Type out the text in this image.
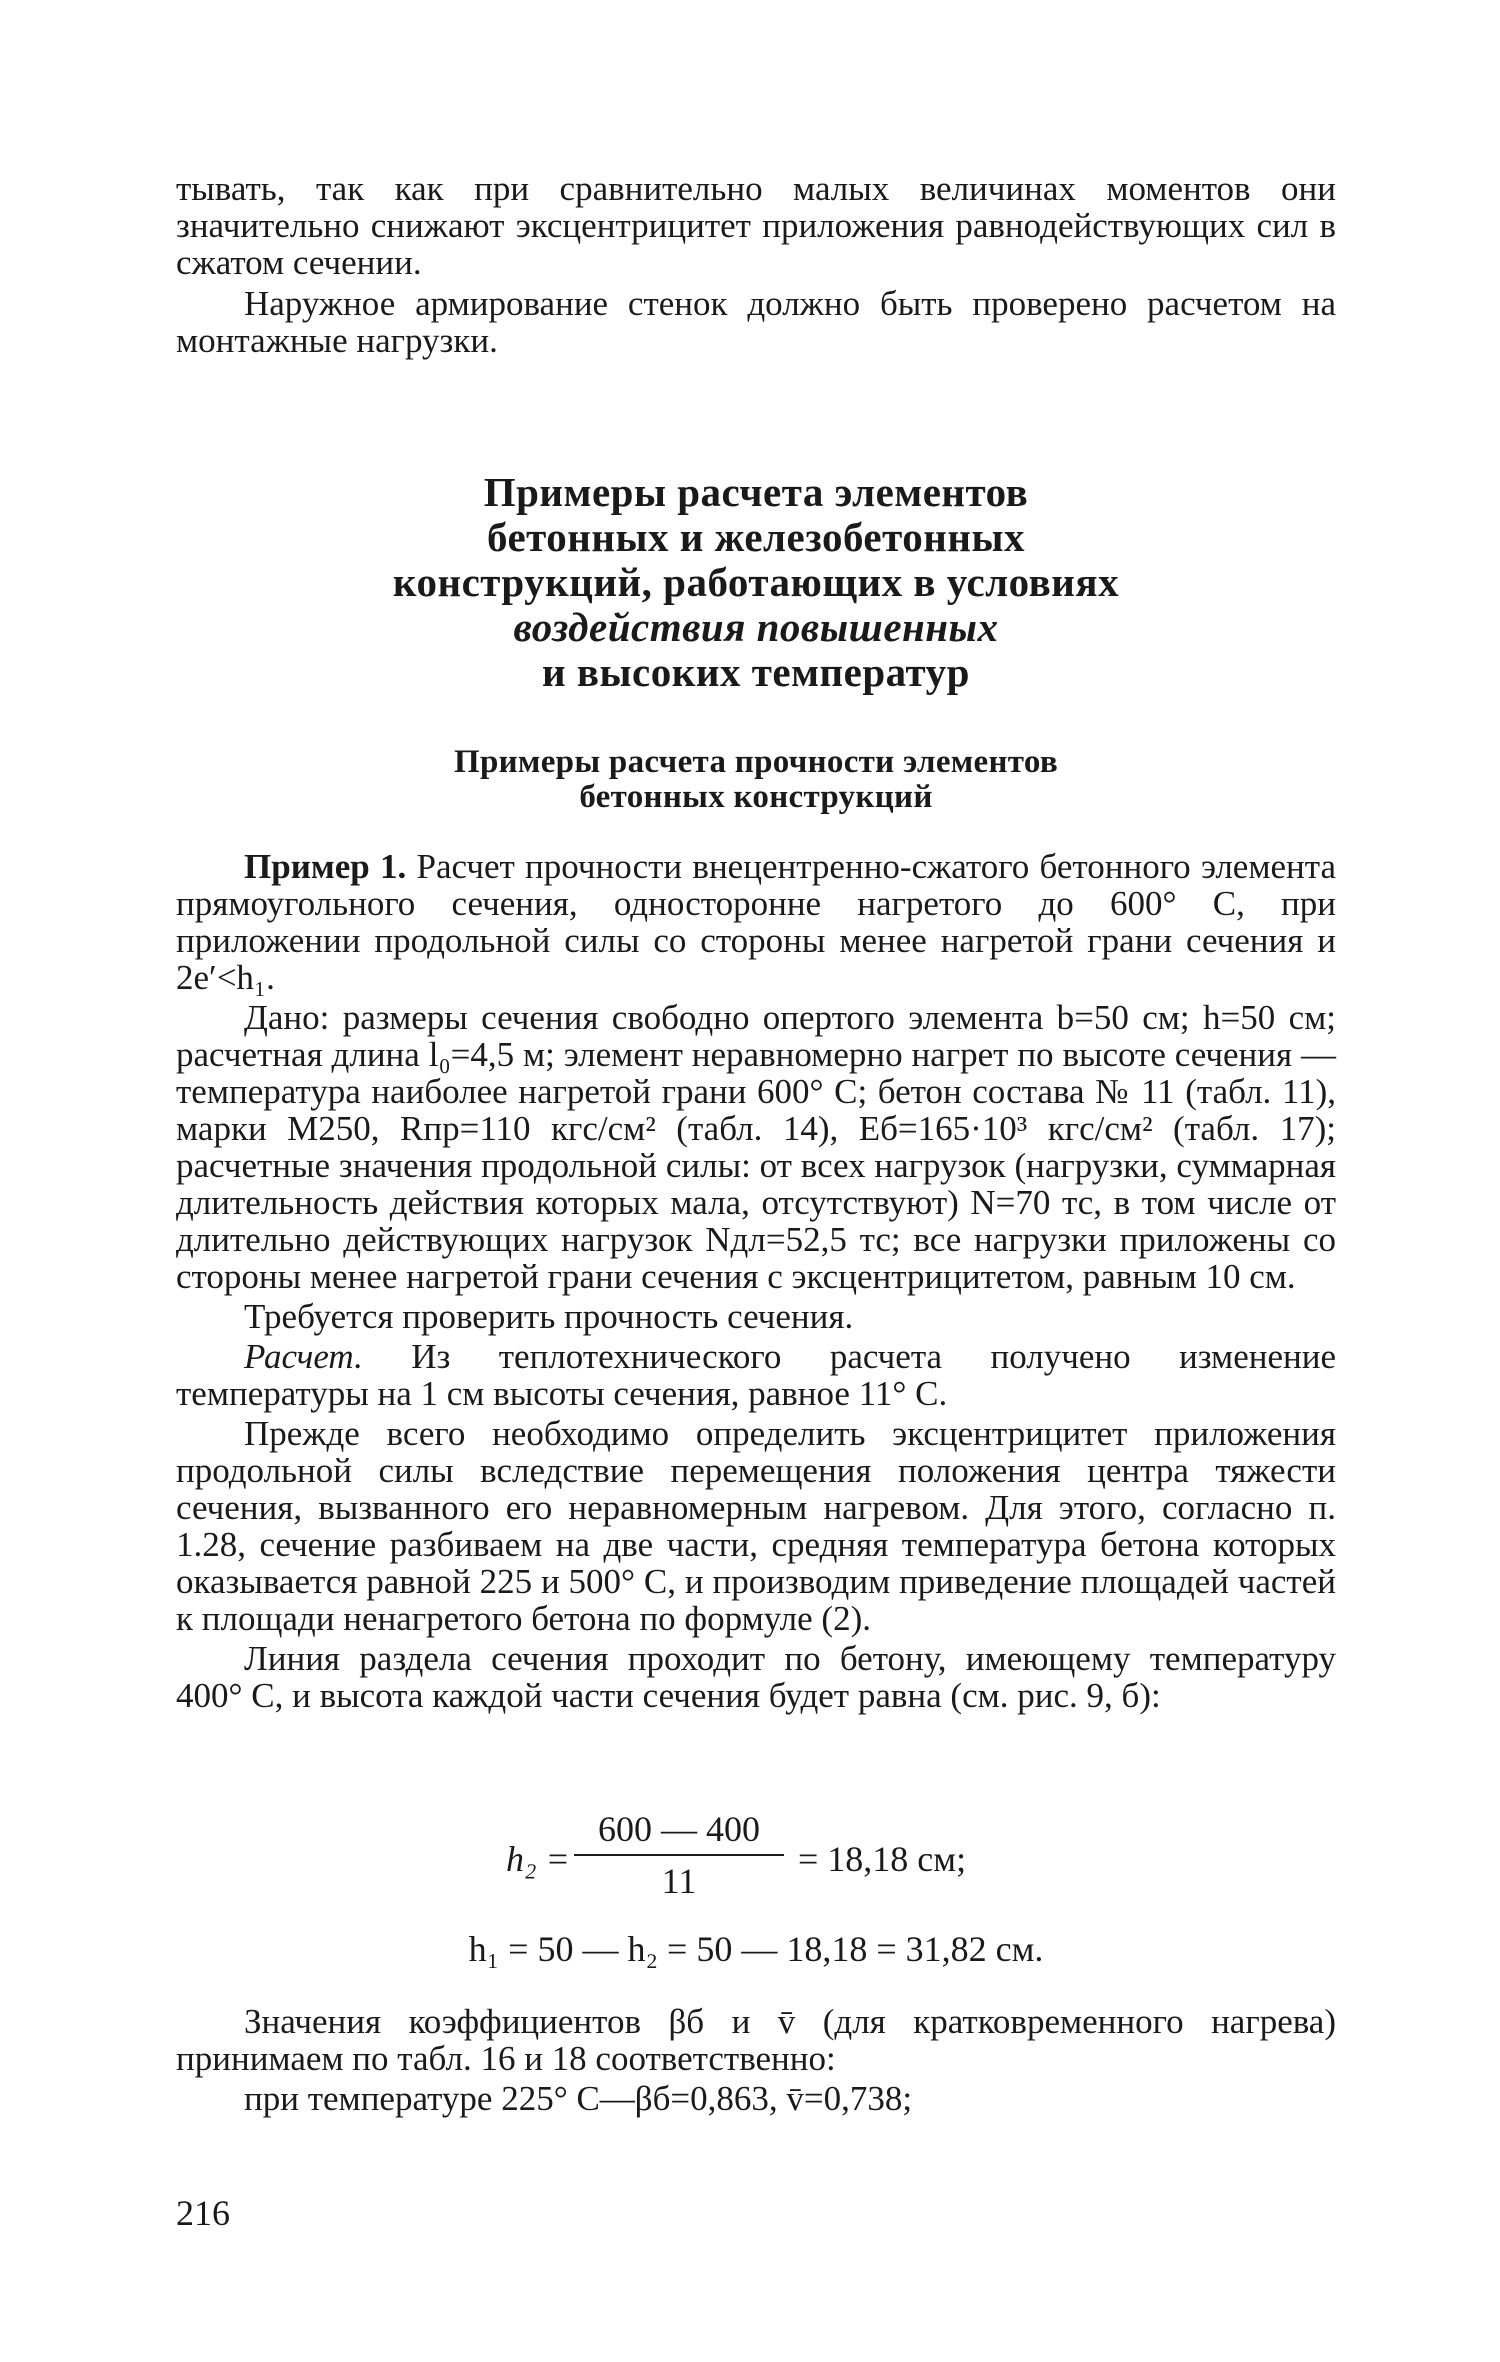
тывать, так как при сравнительно малых величинах моментов они значительно снижают эксцентрицитет приложения равнодействующих сил в сжатом сечении.

Наружное армирование стенок должно быть проверено расчетом на монтажные нагрузки.

Примеры расчета элементов
бетонных и железобетонных
конструкций, работающих в условиях
воздействия повышенных
и высоких температур
Примеры расчета прочности элементов
бетонных конструкций

Пример 1. Расчет прочности внецентренно-сжатого бетонного элемента прямоугольного сечения, односторонне нагретого до 600° С, при приложении продольной силы со стороны менее нагретой грани сечения и 2e′<h₁.

Дано: размеры сечения свободно опертого элемента b=50 см; h=50 см; расчетная длина l₀=4,5 м; элемент неравномерно нагрет по высоте сечения — температура наиболее нагретой грани 600° С; бетон состава № 11 (табл. 11), марки М250, Rпр=110 кгс/см² (табл. 14), Eб=165·10³ кгс/см² (табл. 17); расчетные значения продольной силы: от всех нагрузок (нагрузки, суммарная длительность действия которых мала, отсутствуют) N=70 тс, в том числе от длительно действующих нагрузок Nдл=52,5 тс; все нагрузки приложены со стороны менее нагретой грани сечения с эксцентрицитетом, равным 10 см.

Требуется проверить прочность сечения.

Расчет. Из теплотехнического расчета получено изменение температуры на 1 см высоты сечения, равное 11° С.

Прежде всего необходимо определить эксцентрицитет приложения продольной силы вследствие перемещения положения центра тяжести сечения, вызванного его неравномерным нагревом. Для этого, согласно п. 1.28, сечение разбиваем на две части, средняя температура бетона которых оказывается равной 225 и 500° С, и производим приведение площадей частей к площади ненагретого бетона по формуле (2).

Линия раздела сечения проходит по бетону, имеющему температуру 400° С, и высота каждой части сечения будет равна (см. рис. 9, б):

$h_2 = \frac{600 — 400}{11} = 18,18$ см;
h₁ = 50 — h₂ = 50 — 18,18 = 31,82 см.

Значения коэффициентов βб и v̄ (для кратковременного нагрева) принимаем по табл. 16 и 18 соответственно:

при температуре 225° С—βб=0,863, v̄=0,738;

216
